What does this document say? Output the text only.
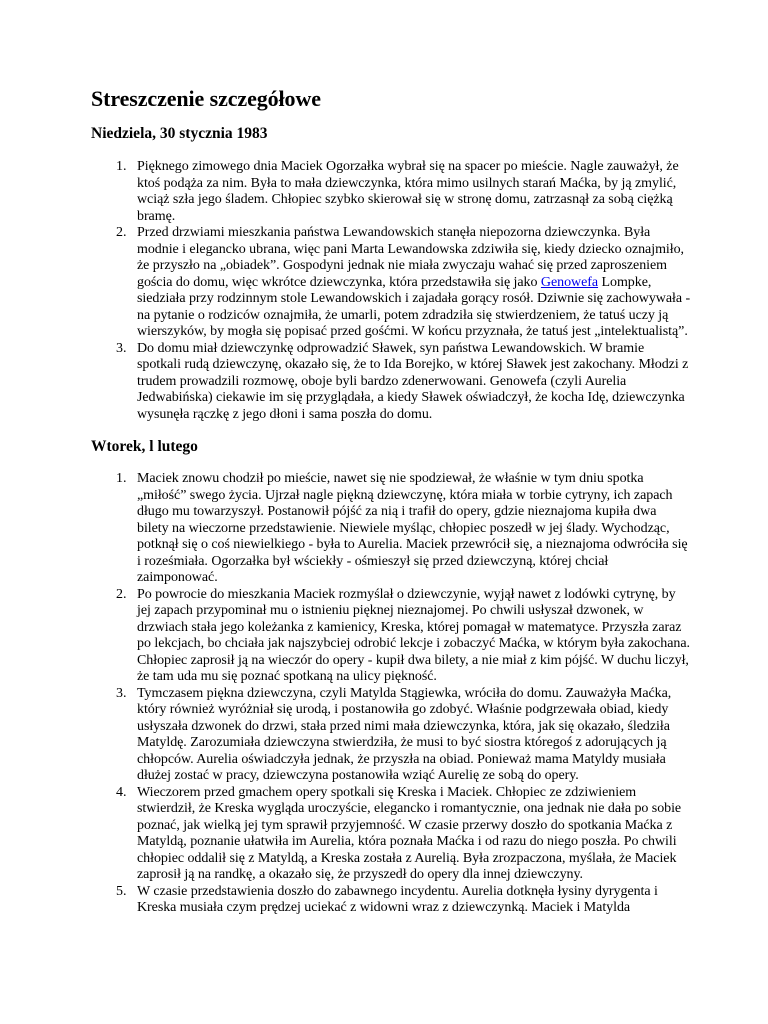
Streszczenie szczegółowe
Niedziela, 30 stycznia 1983
1. Pięknego zimowego dnia Maciek Ogorzałka wybrał się na spacer po mieście. Nagle zauważył, że ktoś podąża za nim. Była to mała dziewczynka, która mimo usilnych starań Maćka, by ją zmylić, wciąż szła jego śladem. Chłopiec szybko skierował się w stronę domu, zatrzasnął za sobą ciężką bramę.
2. Przed drzwiami mieszkania państwa Lewandowskich stanęła niepozorna dziewczynka. Była modnie i elegancko ubrana, więc pani Marta Lewandowska zdziwiła się, kiedy dziecko oznajmiło, że przyszło na „obiadek”. Gospodyni jednak nie miała zwyczaju wahać się przed zaproszeniem gościa do domu, więc wkrótce dziewczynka, która przedstawiła się jako Genowefa Lompke, siedziała przy rodzinnym stole Lewandowskich i zajadała gorący rosół. Dziwnie się zachowywała - na pytanie o rodziców oznajmiła, że umarli, potem zdradziła się stwierdzeniem, że tatuś uczy ją wierszyków, by mogła się popisać przed gośćmi. W końcu przyznała, że tatuś jest „intelektualistą”.
3. Do domu miał dziewczynkę odprowadzić Sławek, syn państwa Lewandowskich. W bramie spotkali rudą dziewczynę, okazało się, że to Ida Borejko, w której Sławek jest zakochany. Młodzi z trudem prowadzili rozmowę, oboje byli bardzo zdenerwowani. Genowefa (czyli Aurelia Jedwabińska) ciekawie im się przyglądała, a kiedy Sławek oświadczył, że kocha Idę, dziewczynka wysunęła rączkę z jego dłoni i sama poszła do domu.
Wtorek, l lutego
1. Maciek znowu chodził po mieście, nawet się nie spodziewał, że właśnie w tym dniu spotka „miłość” swego życia. Ujrzał nagle piękną dziewczynę, która miała w torbie cytryny, ich zapach długo mu towarzyszył. Postanowił pójść za nią i trafił do opery, gdzie nieznajoma kupiła dwa bilety na wieczorne przedstawienie. Niewiele myśląc, chłopiec poszedł w jej ślady. Wychodząc, potknął się o coś niewielkiego - była to Aurelia. Maciek przewrócił się, a nieznajoma odwróciła się i roześmiała. Ogorzałka był wściekły - ośmieszył się przed dziewczyną, której chciał zaimponować.
2. Po powrocie do mieszkania Maciek rozmyślał o dziewczynie, wyjął nawet z lodówki cytrynę, by jej zapach przypominał mu o istnieniu pięknej nieznajomej. Po chwili usłyszał dzwonek, w drzwiach stała jego koleżanka z kamienicy, Kreska, której pomagał w matematyce. Przyszła zaraz po lekcjach, bo chciała jak najszybciej odrobić lekcje i zobaczyć Maćka, w którym była zakochana. Chłopiec zaprosił ją na wieczór do opery - kupił dwa bilety, a nie miał z kim pójść. W duchu liczył, że tam uda mu się poznać spotkaną na ulicy piękność.
3. Tymczasem piękna dziewczyna, czyli Matylda Stągiewka, wróciła do domu. Zauważyła Maćka, który również wyróżniał się urodą, i postanowiła go zdobyć. Właśnie podgrzewała obiad, kiedy usłyszała dzwonek do drzwi, stała przed nimi mała dziewczynka, która, jak się okazało, śledziła Matyldę. Zarozumiała dziewczyna stwierdziła, że musi to być siostra któregoś z adorujących ją chłopców. Aurelia oświadczyła jednak, że przyszła na obiad. Ponieważ mama Matyldy musiała dłużej zostać w pracy, dziewczyna postanowiła wziąć Aurelię ze sobą do opery.
4. Wieczorem przed gmachem opery spotkali się Kreska i Maciek. Chłopiec ze zdziwieniem stwierdził, że Kreska wygląda uroczyście, elegancko i romantycznie, ona jednak nie dała po sobie poznać, jak wielką jej tym sprawił przyjemność. W czasie przerwy doszło do spotkania Maćka z Matyldą, poznanie ułatwiła im Aurelia, która poznała Maćka i od razu do niego poszła. Po chwili chłopiec oddalił się z Matyldą, a Kreska została z Aurelią. Była zrozpaczona, myślała, że Maciek zaprosił ją na randkę, a okazało się, że przyszedł do opery dla innej dziewczyny.
5. W czasie przedstawienia doszło do zabawnego incydentu. Aurelia dotknęła łysiny dyrygenta i Kreska musiała czym prędzej uciekać z widowni wraz z dziewczynką. Maciek i Matylda
